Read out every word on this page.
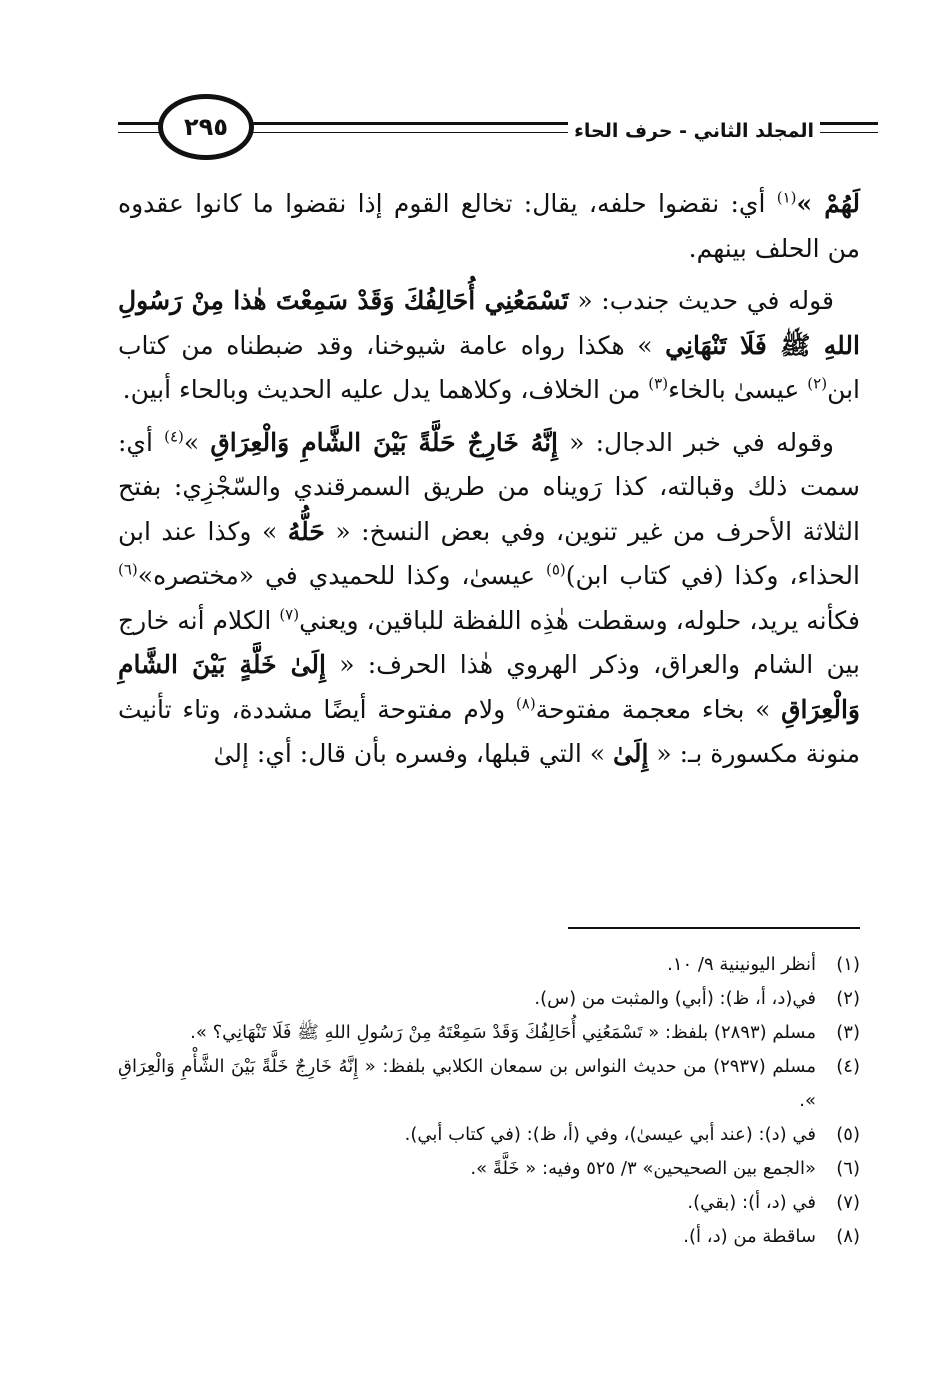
٢٩٥	المجلد الثاني - حرف الحاء

لَهُمْ »$^{(١)}$ أي: نقضوا حلفه، يقال: تخالع القوم إذا نقضوا ما كانوا عقدوه من الحلف بينهم.

قوله في حديث جندب: « تَسْمَعُنِي أُحَالِفُكَ وَقَدْ سَمِعْتَ هٰذا مِنْ رَسُولِ اللهِ ﷺ فَلَا تَنْهَانِي » هكذا رواه عامة شيوخنا، وقد ضبطناه من كتاب ابن$^{(٢)}$ عيسىٰ بالخاء$^{(٣)}$ من الخلاف، وكلاهما يدل عليه الحديث وبالحاء أبين.

وقوله في خبر الدجال: « إِنَّهُ خَارِجٌ حَلَّةً بَيْنَ الشَّامِ وَالْعِرَاقِ »$^{(٤)}$ أي: سمت ذلك وقبالته، كذا رَويناه من طريق السمرقندي والسّجْزِي: بفتح الثلاثة الأحرف من غير تنوين، وفي بعض النسخ: « حَلُّهُ » وكذا عند ابن الحذاء، وكذا (في كتاب ابن)$^{(٥)}$ عيسىٰ، وكذا للحميدي في «مختصره»$^{(٦)}$ فكأنه يريد، حلوله، وسقطت هٰذِه اللفظة للباقين، ويعني$^{(٧)}$ الكلام أنه خارج بين الشام والعراق، وذكر الهروي هٰذا الحرف: « إِلَىٰ خَلَّةٍ بَيْنَ الشَّامِ وَالْعِرَاقِ » بخاء معجمة مفتوحة$^{(٨)}$ ولام مفتوحة أيضًا مشددة، وتاء تأنيث منونة مكسورة بـ: « إِلَىٰ » التي قبلها، وفسره بأن قال: أي: إلىٰ

(١)
أنظر اليونينية ٩/ ١٠.
(٢)
في(د، أ، ظ): (أبي) والمثبت من (س).
(٣)
مسلم (٢٨٩٣) بلفظ: « تَسْمَعُنِي أُحَالِفُكَ وَقَدْ سَمِعْتَهُ مِنْ رَسُولِ اللهِ ﷺ فَلَا تَنْهَانِي؟ ».
(٤)
مسلم (٢٩٣٧) من حديث النواس بن سمعان الكلابي بلفظ: « إِنَّهُ خَارِجٌ خَلَّةً بَيْنَ الشَّأْمِ وَالْعِرَاقِ ».
(٥)
في (د): (عند أبي عيسىٰ)، وفي (أ، ظ): (في كتاب أبي).
(٦)
«الجمع بين الصحيحين» ٣/ ٥٢٥ وفيه: « خَلَّةً ».
(٧)
في (د، أ): (بقي).
(٨)
ساقطة من (د، أ).
